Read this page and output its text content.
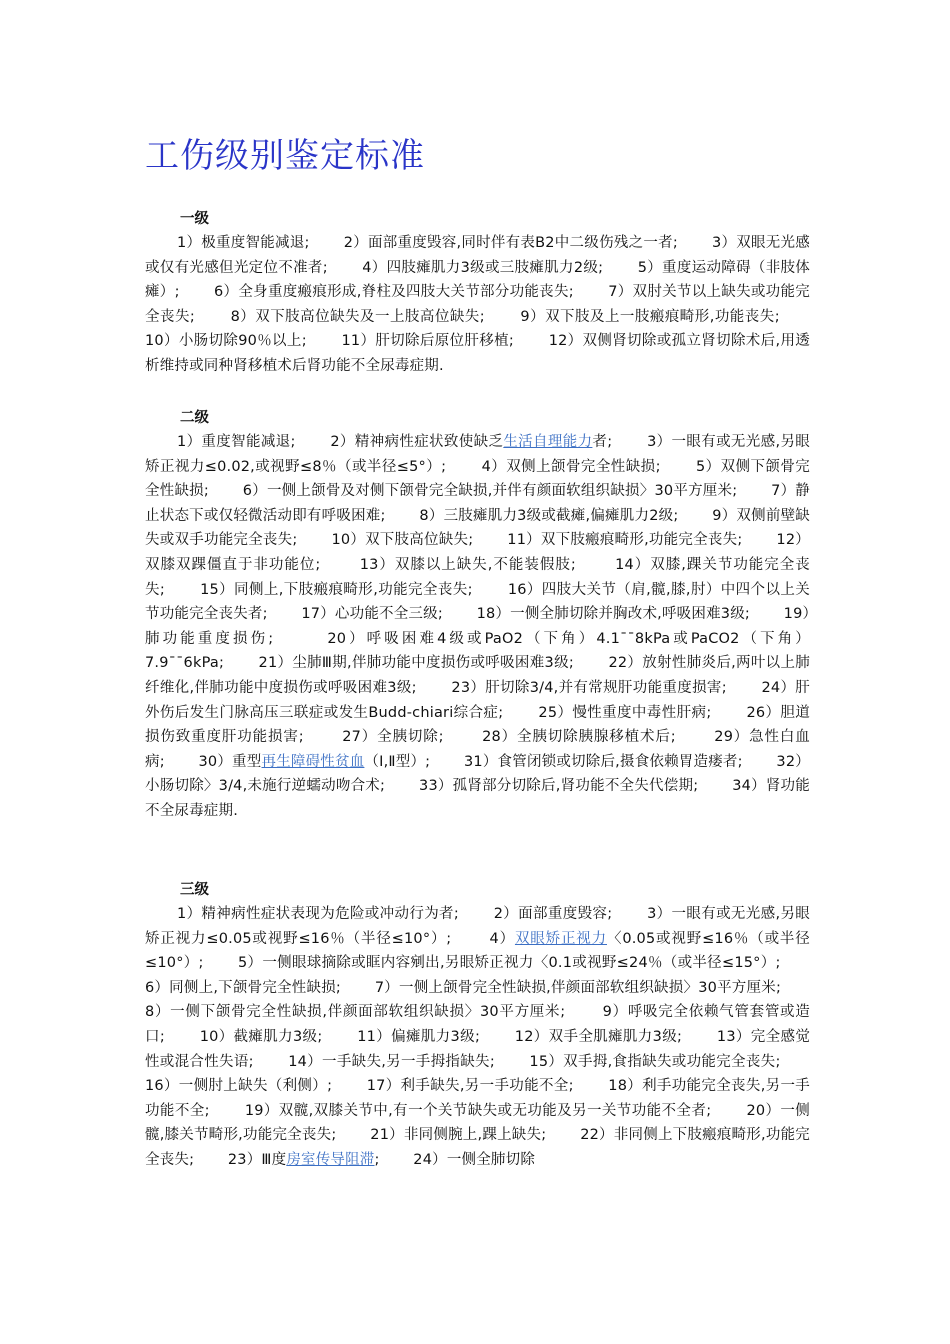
工伤级别鉴定标准
一级
1）极重度智能减退; 2）面部重度毁容,同时伴有表B2中二级伤残之一者; 3）双眼无光感或仅有光感但光定位不准者; 4）四肢瘫肌力3级或三肢瘫肌力2级; 5）重度运动障碍（非肢体瘫）; 6）全身重度瘢痕形成,脊柱及四肢大关节部分功能丧失; 7）双肘关节以上缺失或功能完全丧失; 8）双下肢高位缺失及一上肢高位缺失; 9）双下肢及上一肢瘢痕畸形,功能丧失;       10）小肠切除90％以上; 11）肝切除后原位肝移植; 12）双侧肾切除或孤立肾切除术后,用透析维持或同种肾移植术后肾功能不全尿毒症期.
二级
1）重度智能减退; 2）精神病性症状致使缺乏生活自理能力者; 3）一眼有或无光感,另眼矫正视力≤0.02,或视野≤8％（或半径≤5°）; 4）双侧上颌骨完全性缺损; 5）双侧下颌骨完全性缺损; 6）一侧上颌骨及对侧下颌骨完全缺损,并伴有颜面软组织缺损〉30平方厘米; 7）静止状态下或仅轻微活动即有呼吸困难; 8）三肢瘫肌力3级或截瘫,偏瘫肌力2级; 9）双侧前壁缺失或双手功能完全丧失; 10）双下肢高位缺失; 11）双下肢瘢痕畸形,功能完全丧失; 12）双膝双踝僵直于非功能位;	13）双膝以上缺失,不能装假肢;	14）双膝,踝关节功能完全丧失; 15）同侧上,下肢瘢痕畸形,功能完全丧失; 16）四肢大关节（肩,髋,膝,肘）中四个以上关节功能完全丧失者; 17）心功能不全三级; 18）一侧全肺切除并胸改术,呼吸困难3级; 19）肺功能重度损伤;	20）呼吸困难4级或PaO2（下角）4.1¯¯8kPa或PaCO2（下角）7.9¯¯6kPa; 21）尘肺Ⅲ期,伴肺功能中度损伤或呼吸困难3级; 22）放射性肺炎后,两叶以上肺纤维化,伴肺功能中度损伤或呼吸困难3级; 23）肝切除3/4,并有常规肝功能重度损害; 24）肝外伤后发生门脉高压三联症或发生Budd-chiari综合症; 25）慢性重度中毒性肝病; 26）胆道损伤致重度肝功能损害;	27）全胰切除;	28）全胰切除胰腺移植术后;	29）急性白血病; 30）重型再生障碍性贫血（Ⅰ,Ⅱ型）; 31）食管闭锁或切除后,摄食依赖胃造瘘者; 32）小肠切除〉3/4,未施行逆蠕动吻合术; 33）孤肾部分切除后,肾功能不全失代偿期; 34）肾功能不全尿毒症期.
三级
1）精神病性症状表现为危险或冲动行为者; 2）面部重度毁容; 3）一眼有或无光感,另眼矫正视力≤0.05或视野≤16％（半径≤10°）;	4）双眼矫正视力〈0.05或视野≤16％（或半径≤10°）; 5）一侧眼球摘除或眶内容剜出,另眼矫正视力〈0.1或视野≤24％（或半径≤15°）;       6）同侧上,下颌骨完全性缺损; 7）一侧上颌骨完全性缺损,伴颜面部软组织缺损〉30平方厘米;       8）一侧下颌骨完全性缺损,伴颜面部软组织缺损〉30平方厘米;	9）呼吸完全依赖气管套管或造口; 10）截瘫肌力3级; 11）偏瘫肌力3级; 12）双手全肌瘫肌力3级; 13）完全感觉性或混合性失语; 14）一手缺失,另一手拇指缺失; 15）双手拇,食指缺失或功能完全丧失;       16）一侧肘上缺失（利侧）; 17）利手缺失,另一手功能不全; 18）利手功能完全丧失,另一手功能不全; 19）双髋,双膝关节中,有一个关节缺失或无功能及另一关节功能不全者; 20）一侧髋,膝关节畸形,功能完全丧失; 21）非同侧腕上,踝上缺失; 22）非同侧上下肢瘢痕畸形,功能完全丧失; 23）Ⅲ度房室传导阻滞; 24）一侧全肺切除
